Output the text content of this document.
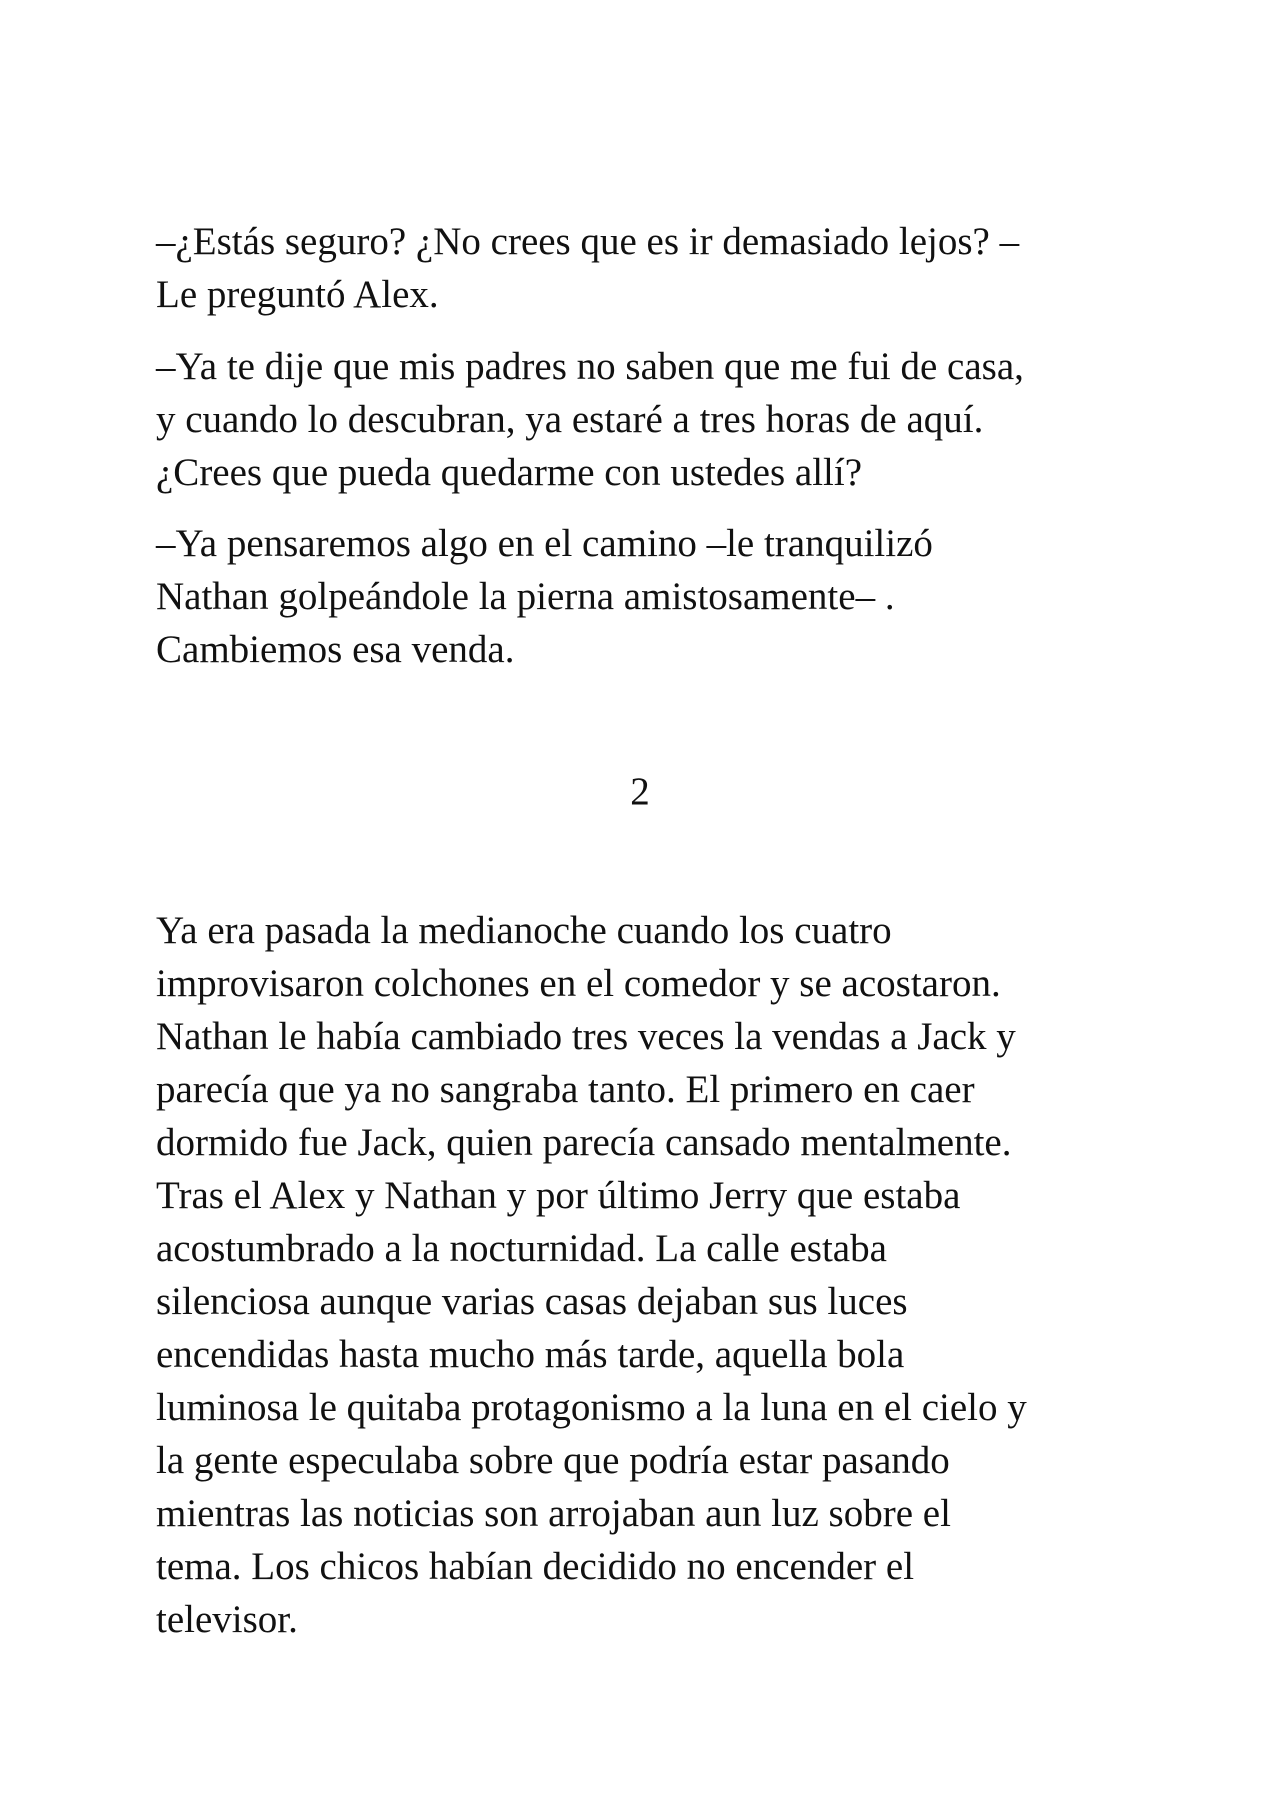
–¿Estás seguro? ¿No crees que es ir demasiado lejos? –
Le preguntó Alex.
–Ya te dije que mis padres no saben que me fui de casa,
y cuando lo descubran, ya estaré a tres horas de aquí.
¿Crees que pueda quedarme con ustedes allí?
–Ya pensaremos algo en el camino –le tranquilizó
Nathan golpeándole la pierna amistosamente– .
Cambiemos esa venda.
2
Ya era pasada la medianoche cuando los cuatro
improvisaron colchones en el comedor y se acostaron.
Nathan le había cambiado tres veces la vendas a Jack y
parecía que ya no sangraba tanto. El primero en caer
dormido fue Jack, quien parecía cansado mentalmente.
Tras el Alex y Nathan y por último Jerry que estaba
acostumbrado a la nocturnidad. La calle estaba
silenciosa aunque varias casas dejaban sus luces
encendidas hasta mucho más tarde, aquella bola
luminosa le quitaba protagonismo a la luna en el cielo y
la gente especulaba sobre que podría estar pasando
mientras las noticias son arrojaban aun luz sobre el
tema. Los chicos habían decidido no encender el
televisor.
